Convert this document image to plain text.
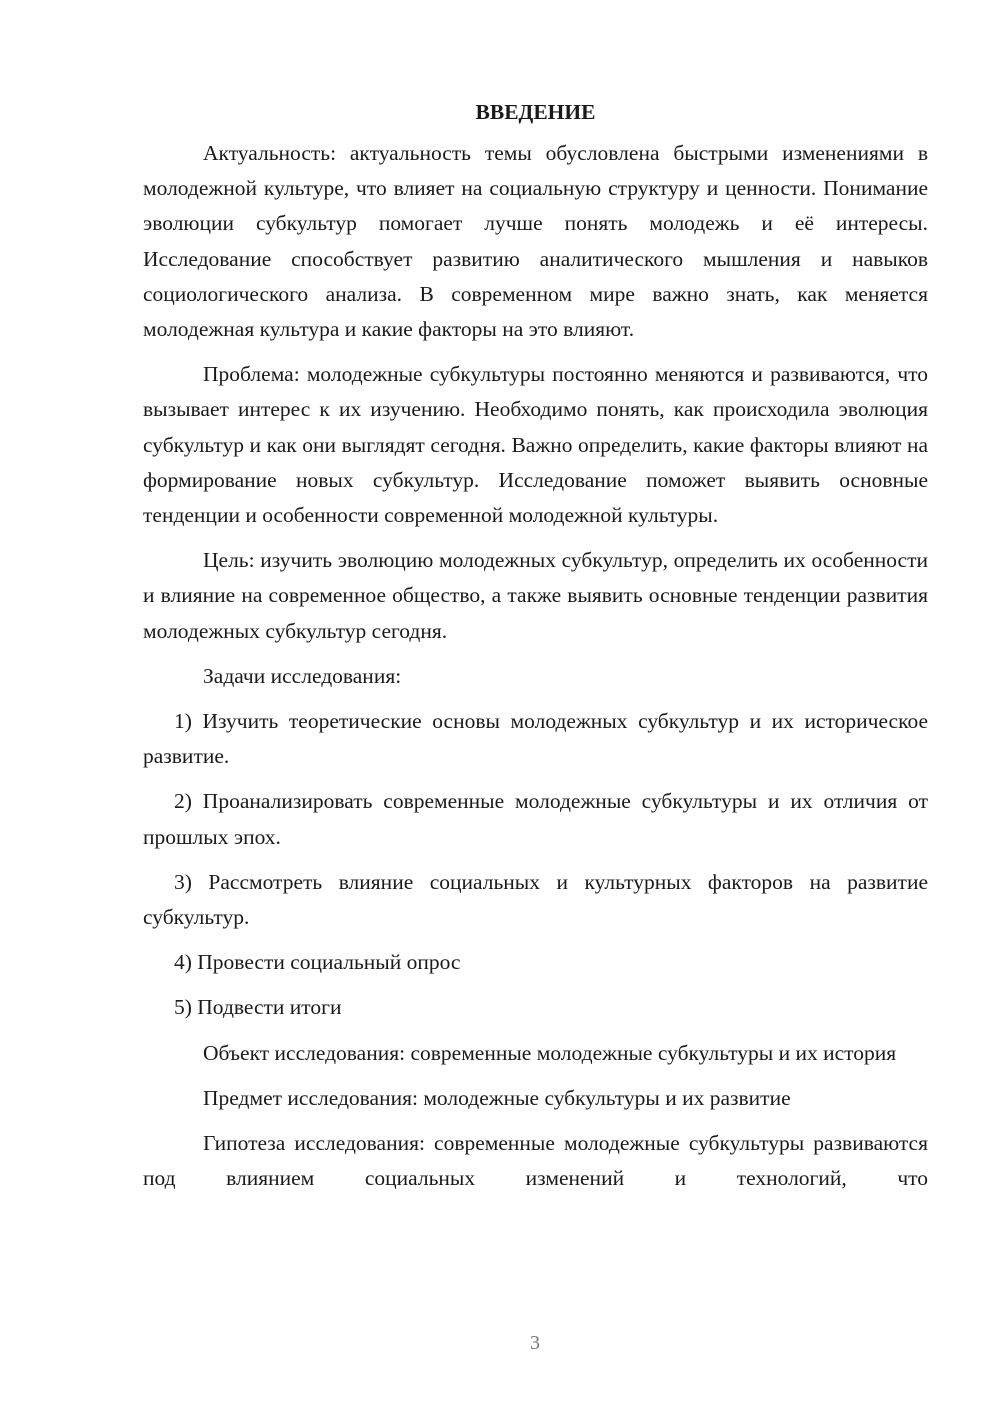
ВВЕДЕНИЕ

Актуальность: актуальность темы обусловлена быстрыми изменениями в молодежной культуре, что влияет на социальную структуру и ценности. Понимание эволюции субкультур помогает лучше понять молодежь и её интересы. Исследование способствует развитию аналитического мышления и навыков социологического анализа. В современном мире важно знать, как меняется молодежная культура и какие факторы на это влияют.

Проблема: молодежные субкультуры постоянно меняются и развиваются, что вызывает интерес к их изучению. Необходимо понять, как происходила эволюция субкультур и как они выглядят сегодня. Важно определить, какие факторы влияют на формирование новых субкультур. Исследование поможет выявить основные тенденции и особенности современной молодежной культуры.

Цель: изучить эволюцию молодежных субкультур, определить их особенности и влияние на современное общество, а также выявить основные тенденции развития молодежных субкультур сегодня.

Задачи исследования:

1) Изучить теоретические основы молодежных субкультур и их историческое развитие.

2) Проанализировать современные молодежные субкультуры и их отличия от прошлых эпох.

3) Рассмотреть влияние социальных и культурных факторов на развитие субкультур.

4) Провести социальный опрос

5) Подвести итоги

Объект исследования: современные молодежные субкультуры и их история

Предмет исследования: молодежные субкультуры и их развитие

Гипотеза исследования: современные молодежные субкультуры развиваются под влиянием социальных изменений и технологий, что

3
